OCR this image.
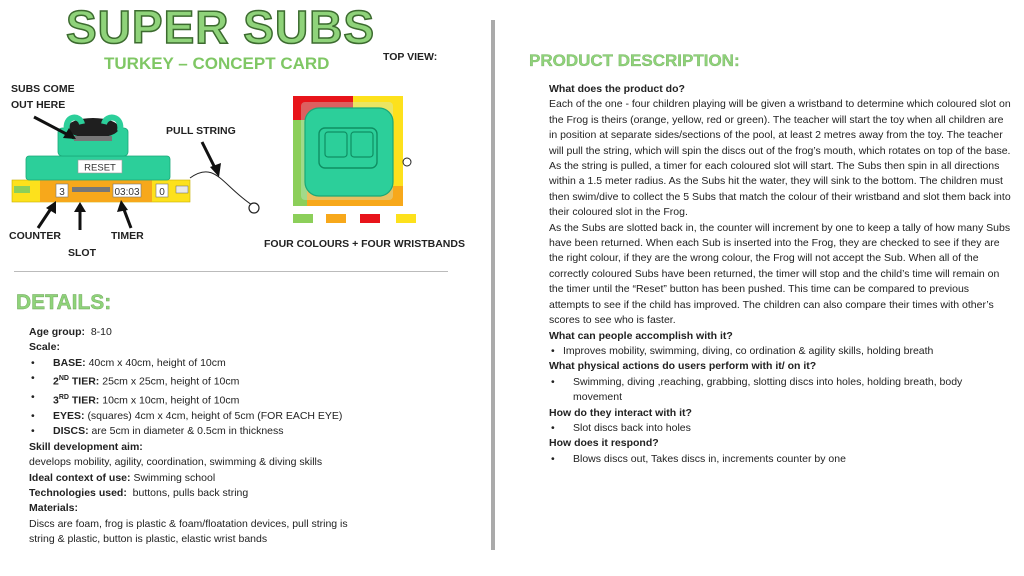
SUPER SUBS
TURKEY – CONCEPT CARD	TOP VIEW:
SUBS COME
OUT HERE
PULL STRING
COUNTER
SLOT
TIMER
3	03:03 0
RESET
FOUR COLOURS + FOUR WRISTBANDS
DETAILS:

Age group: 8-10

Scale:

• BASE: 40cm x 40cm, height of 10cm

• 2ND TIER: 25cm x 25cm, height of 10cm

• 3RD TIER: 10cm x 10cm, height of 10cm

• EYES: (squares) 4cm x 4cm, height of 5cm (FOR EACH EYE)

• DISCS: are 5cm in diameter & 0.5cm in thickness

Skill development aim:

develops mobility, agility, coordination, swimming & diving skills

Ideal context of use: Swimming school

Technologies used: buttons, pulls back string

Materials:

Discs are foam, frog is plastic & foam/floatation devices, pull string is string & plastic, button is plastic, elastic wrist bands

PRODUCT DESCRIPTION:

What does the product do?

Each of the one - four children playing will be given a wristband to determine which coloured slot on the Frog is theirs (orange, yellow, red or green). The teacher will start the toy when all children are in position at separate sides/sections of the pool, at least 2 metres away from the toy. The teacher will pull the string, which will spin the discs out of the frog’s mouth, which rotates on top of the base. As the string is pulled, a timer for each coloured slot will start. The Subs then spin in all directions within a 1.5 meter radius. As the Subs hit the water, they will sink to the bottom. The children must then swim/dive to collect the 5 Subs that match the colour of their wristband and slot them back into their coloured slot in the Frog.

As the Subs are slotted back in, the counter will increment by one to keep a tally of how many Subs have been returned. When each Sub is inserted into the Frog, they are checked to see if they are the right colour, if they are the wrong colour, the Frog will not accept the Sub. When all of the correctly coloured Subs have been returned, the timer will stop and the child’s time will remain on the timer until the “Reset” button has been pushed. This time can be compared to previous attempts to see if the child has improved. The children can also compare their times with other’s scores to see who is faster.

What can people accomplish with it?

• Improves mobility, swimming, diving, co ordination & agility skills, holding breath

What physical actions do users perform with it/ on it?

• Swimming, diving ,reaching, grabbing, slotting discs into holes, holding breath, body movement

How do they interact with it?

• Slot discs back into holes

How does it respond?

• Blows discs out, Takes discs in, increments counter by one
